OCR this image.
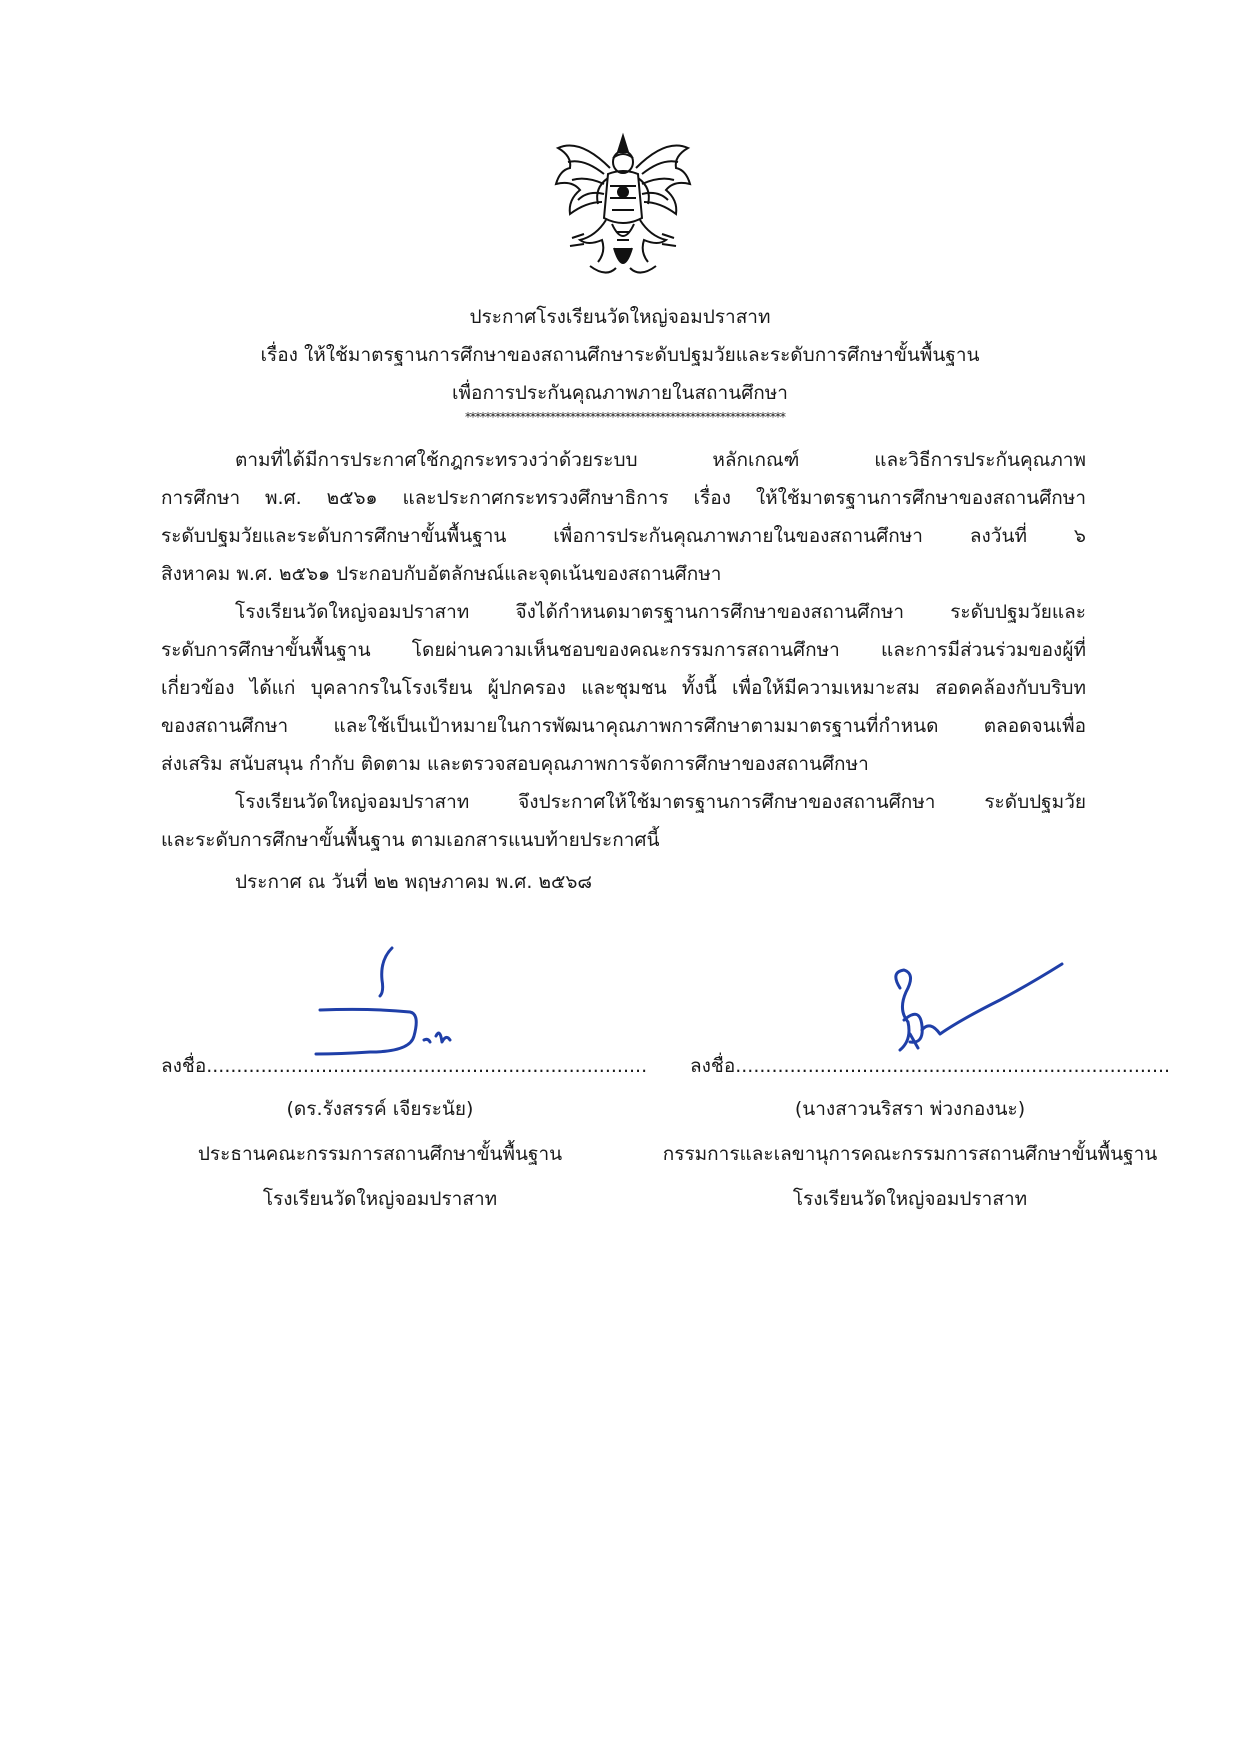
ประกาศโรงเรียนวัดใหญ่จอมปราสาท
เรื่อง ให้ใช้มาตรฐานการศึกษาของสถานศึกษาระดับปฐมวัยและระดับการศึกษาขั้นพื้นฐาน
เพื่อการประกันคุณภาพภายในสถานศึกษา
****************************************************************
ตามที่ได้มีการประกาศใช้กฎกระทรวงว่าด้วยระบบ หลักเกณฑ์ และวิธีการประกันคุณภาพ
การศึกษา พ.ศ. ๒๕๖๑ และประกาศกระทรวงศึกษาธิการ เรื่อง ให้ใช้มาตรฐานการศึกษาของสถานศึกษา
ระดับปฐมวัยและระดับการศึกษาขั้นพื้นฐาน เพื่อการประกันคุณภาพภายในของสถานศึกษา ลงวันที่ ๖
สิงหาคม พ.ศ. ๒๕๖๑ ประกอบกับอัตลักษณ์และจุดเน้นของสถานศึกษา
โรงเรียนวัดใหญ่จอมปราสาท จึงได้กำหนดมาตรฐานการศึกษาของสถานศึกษา ระดับปฐมวัยและ
ระดับการศึกษาขั้นพื้นฐาน โดยผ่านความเห็นชอบของคณะกรรมการสถานศึกษา และการมีส่วนร่วมของผู้ที่
เกี่ยวข้อง ได้แก่ บุคลากรในโรงเรียน ผู้ปกครอง และชุมชน ทั้งนี้ เพื่อให้มีความเหมาะสม สอดคล้องกับบริบท
ของสถานศึกษา และใช้เป็นเป้าหมายในการพัฒนาคุณภาพการศึกษาตามมาตรฐานที่กำหนด ตลอดจนเพื่อ
ส่งเสริม สนับสนุน กำกับ ติดตาม และตรวจสอบคุณภาพการจัดการศึกษาของสถานศึกษา
โรงเรียนวัดใหญ่จอมปราสาท จึงประกาศให้ใช้มาตรฐานการศึกษาของสถานศึกษา ระดับปฐมวัย
และระดับการศึกษาขั้นพื้นฐาน ตามเอกสารแนบท้ายประกาศนี้
ประกาศ ณ วันที่ ๒๒ พฤษภาคม พ.ศ. ๒๕๖๘
ลงชื่อ.........................................................................
(ดร.รังสรรค์ เจียระนัย)
ประธานคณะกรรมการสถานศึกษาขั้นพื้นฐาน
โรงเรียนวัดใหญ่จอมปราสาท
ลงชื่อ........................................................................
(นางสาวนริสรา พ่วงกองนะ)
กรรมการและเลขานุการคณะกรรมการสถานศึกษาขั้นพื้นฐาน
โรงเรียนวัดใหญ่จอมปราสาท
